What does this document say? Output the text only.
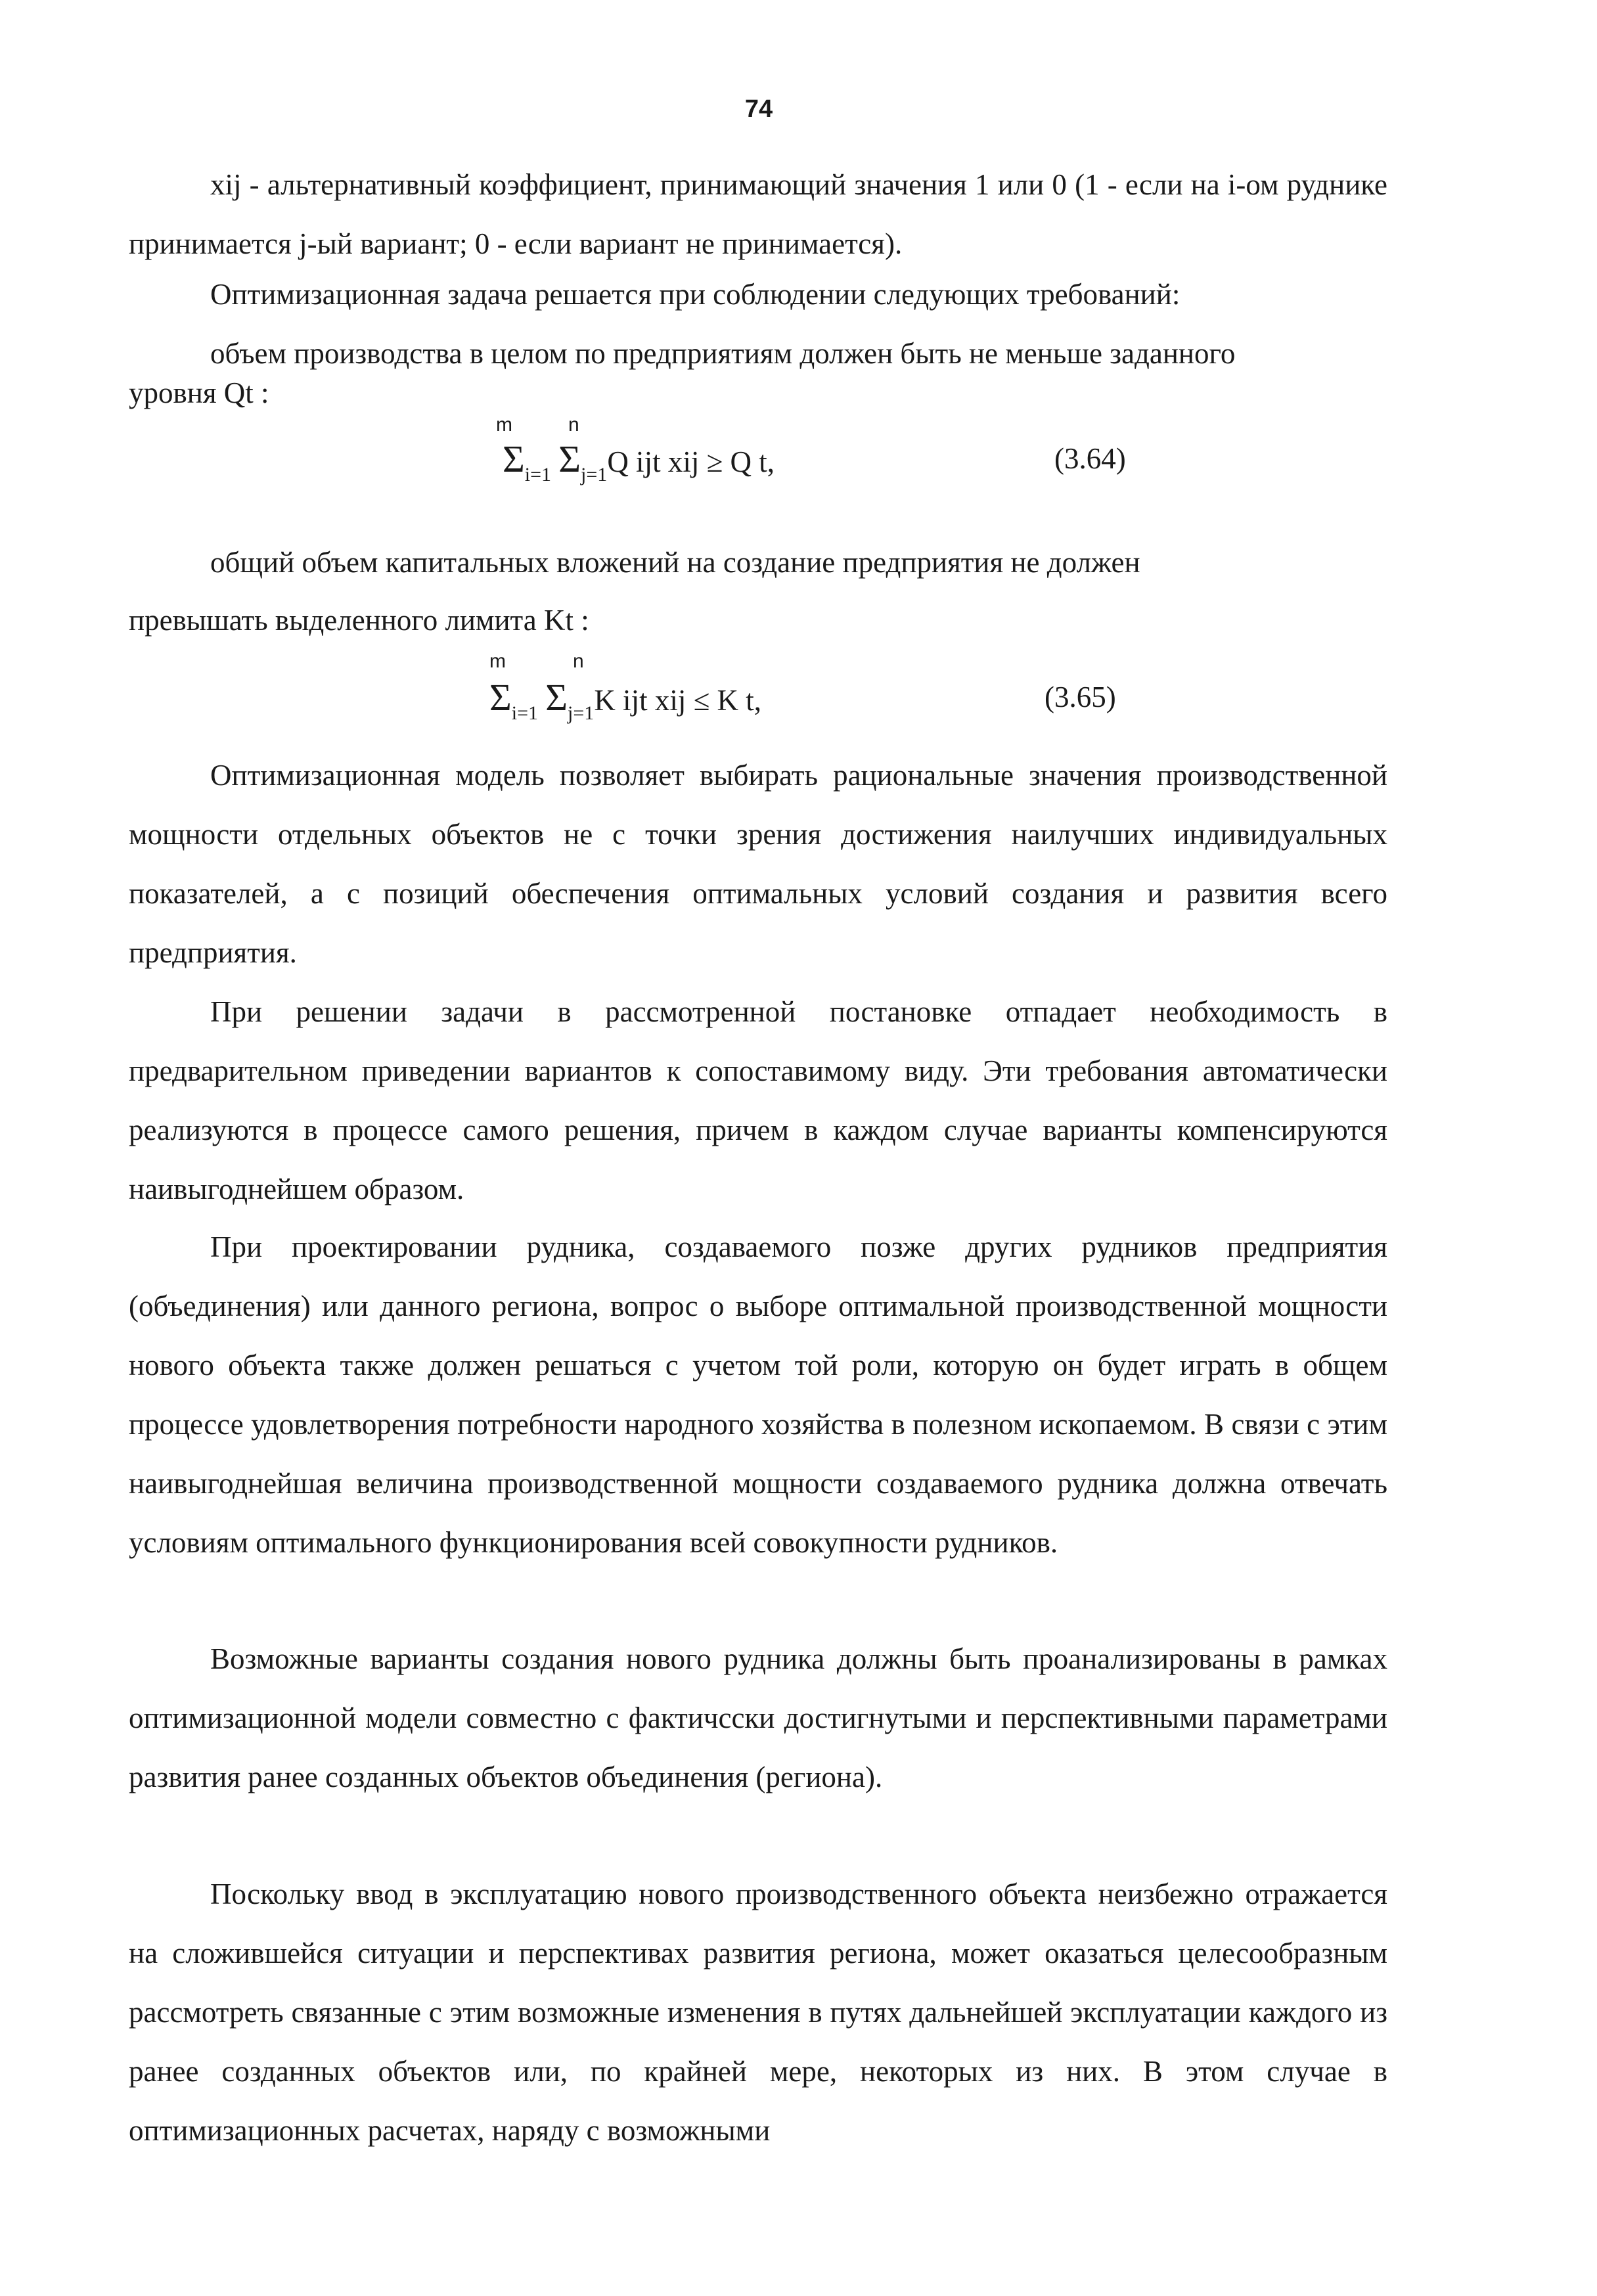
74
xij - альтернативный коэффициент, принимающий значения 1 или 0 (1 - если на i-ом руднике принимается j-ый вариант; 0 - если вариант не принимается).
Оптимизационная задача решается при соблюдении следующих требований:
объем производства в целом по предприятиям должен быть не меньше заданного
уровня Qt :
m	n
$\Sigma_{i=1}$ $\Sigma_{j=1}Q$ ijt xij ≥ Q t,	(3.64)
общий объем капитальных вложений на создание предприятия не должен
превышать выделенного лимита Kt :
m	n
$\Sigma_{i=1}$ $\Sigma_{j=1}K$ ijt xij ≤ K t,	(3.65)
Оптимизационная модель позволяет выбирать рациональные значения производственной мощности отдельных объектов не с точки зрения достижения наилучших индивидуальных показателей, а с позиций обеспечения оптимальных условий создания и развития всего предприятия.
При решении задачи в рассмотренной постановке отпадает необходимость в предварительном приведении вариантов к сопоставимому виду. Эти требования автоматически реализуются в процессе самого решения, причем в каждом случае варианты компенсируются наивыгоднейшем образом.
При проектировании рудника, создаваемого позже других рудников предприятия (объединения) или данного региона, вопрос о выборе оптимальной производственной мощности нового объекта также должен решаться с учетом той роли, которую он будет играть в общем процессе удовлетворения потребности народного хозяйства в полезном ископаемом. В связи с этим наивыгоднейшая величина производственной мощности создаваемого рудника должна отвечать условиям оптимального функционирования всей совокупности рудников.
Возможные варианты создания нового рудника должны быть проанализированы в рамках оптимизационной модели совместно с фактичсски достигнутыми и перспективными параметрами развития ранее созданных объектов объединения (региона).
Поскольку ввод в эксплуатацию нового производственного объекта неизбежно отражается на сложившейся ситуации и перспективах развития региона, может оказаться целесообразным рассмотреть связанные с этим возможные изменения в путях дальнейшей эксплуатации каждого из ранее созданных объектов или, по крайней мере, некоторых из них. В этом случае в оптимизационных расчетах, наряду с возможными
